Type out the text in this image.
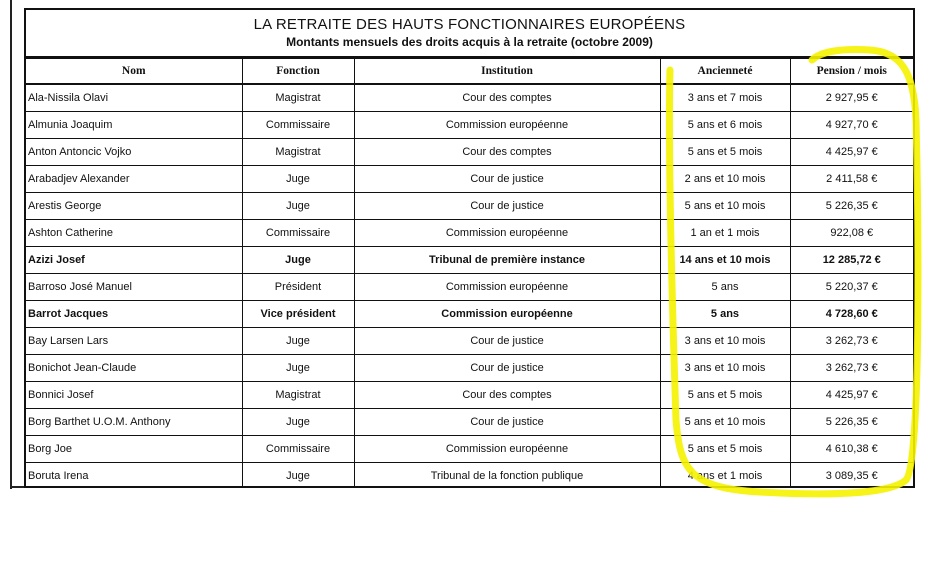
LA RETRAITE DES HAUTS FONCTIONNAIRES EUROPÉENS
Montants mensuels des droits acquis à la retraite (octobre 2009)
Nom	Fonction	Institution	Ancienneté	Pension / mois
Ala-Nissila Olavi	Magistrat	Cour des comptes	3 ans et 7 mois	2 927,95 €
Almunia Joaquim	Commissaire	Commission européenne	5 ans et 6 mois	4 927,70 €
Anton Antoncic Vojko	Magistrat	Cour des comptes	5 ans et 5 mois	4 425,97 €
Arabadjev Alexander	Juge	Cour de justice	2 ans et 10 mois	2 411,58 €
Arestis George	Juge	Cour de justice	5 ans et 10 mois	5 226,35 €
Ashton Catherine	Commissaire	Commission européenne	1 an et 1 mois	922,08 €
Azizi Josef	Juge	Tribunal de première instance	14 ans et 10 mois	12 285,72 €
Barroso José Manuel	Président	Commission européenne	5 ans	5 220,37 €
Barrot Jacques	Vice président	Commission européenne	5 ans	4 728,60 €
Bay Larsen Lars	Juge	Cour de justice	3 ans et 10 mois	3 262,73 €
Bonichot Jean-Claude	Juge	Cour de justice	3 ans et 10 mois	3 262,73 €
Bonnici Josef	Magistrat	Cour des comptes	5 ans et 5 mois	4 425,97 €
Borg Barthet U.O.M. Anthony	Juge	Cour de justice	5 ans et 10 mois	5 226,35 €
Borg Joe	Commissaire	Commission européenne	5 ans et 5 mois	4 610,38 €
Boruta Irena	Juge	Tribunal de la fonction publique	4 ans et 1 mois	3 089,35 €
